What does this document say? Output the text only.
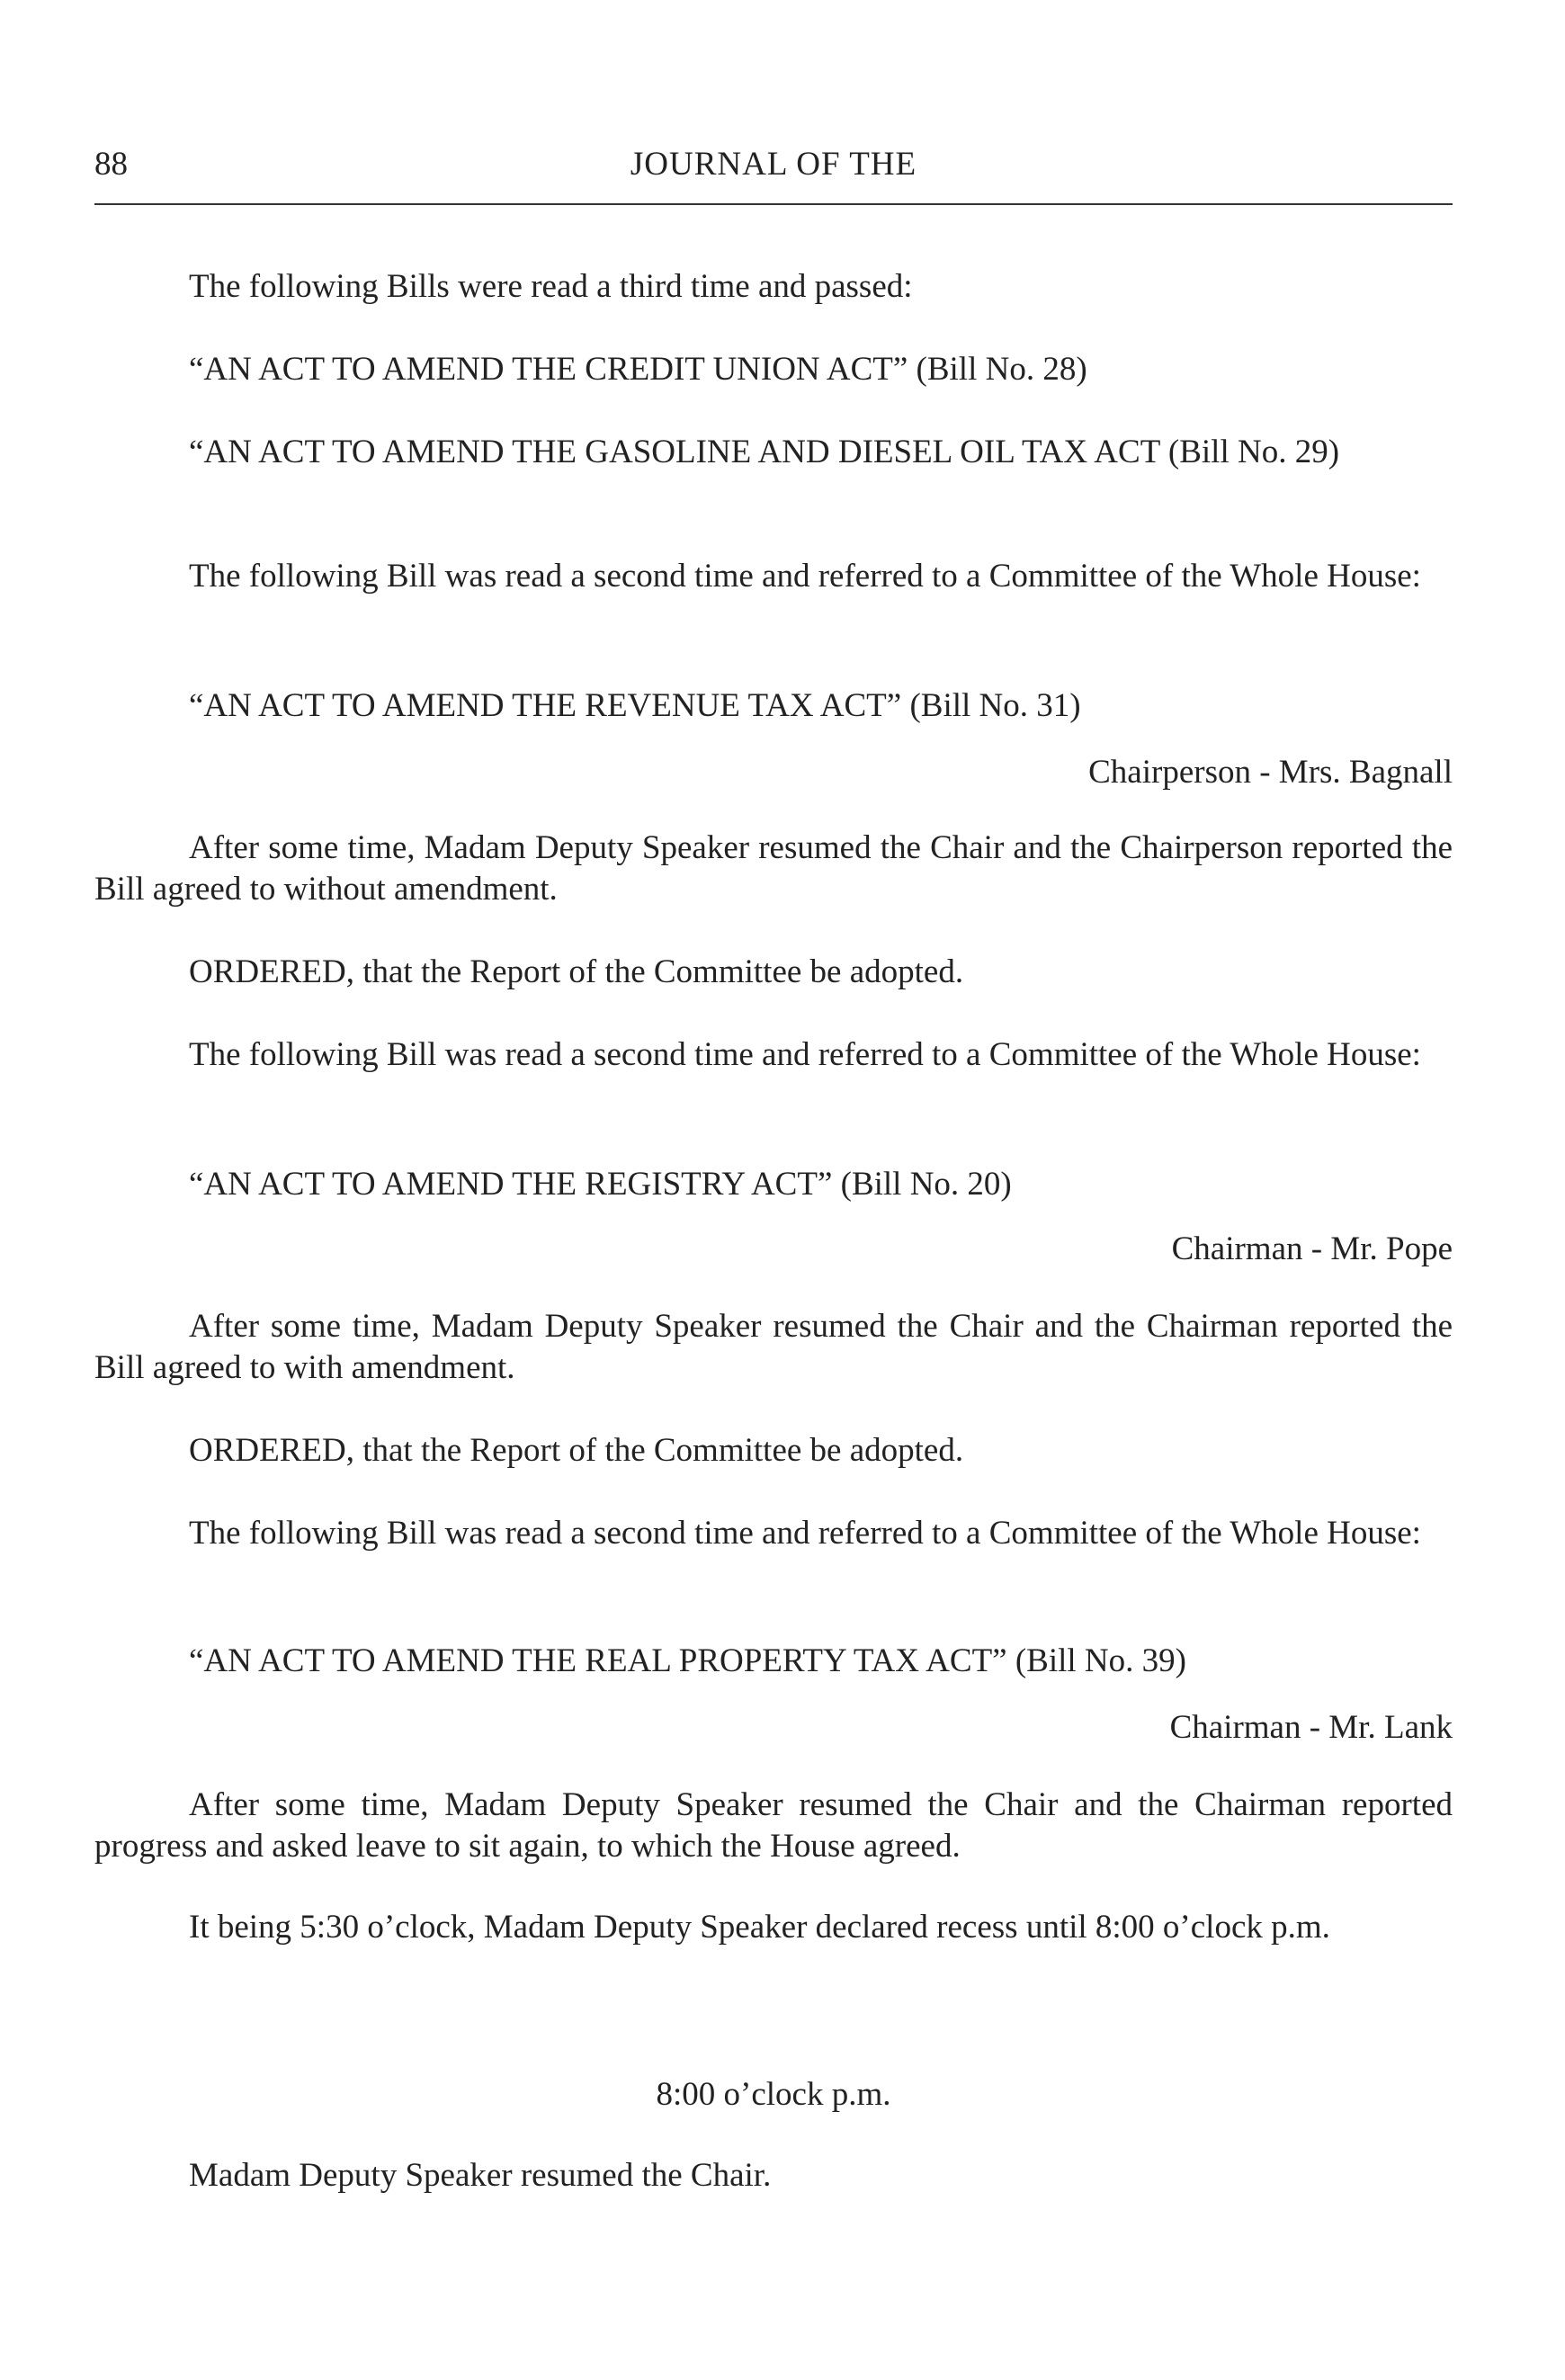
88	JOURNAL OF THE

The following Bills were read a third time and passed:

“AN ACT TO AMEND THE CREDIT UNION ACT” (Bill No. 28)

“AN ACT TO AMEND THE GASOLINE AND DIESEL OIL TAX ACT (Bill No. 29)

The following Bill was read a second time and referred to a Committee of the Whole House:

“AN ACT TO AMEND THE REVENUE TAX ACT” (Bill No. 31)

Chairperson - Mrs. Bagnall

After some time, Madam Deputy Speaker resumed the Chair and the Chairperson reported the Bill agreed to without amendment.

ORDERED, that the Report of the Committee be adopted.

The following Bill was read a second time and referred to a Committee of the Whole House:

“AN ACT TO AMEND THE REGISTRY ACT” (Bill No. 20)

Chairman - Mr. Pope

After some time, Madam Deputy Speaker resumed the Chair and the Chairman reported the Bill agreed to with amendment.

ORDERED, that the Report of the Committee be adopted.

The following Bill was read a second time and referred to a Committee of the Whole House:

“AN ACT TO AMEND THE REAL PROPERTY TAX ACT” (Bill No. 39)

Chairman - Mr. Lank

After some time, Madam Deputy Speaker resumed the Chair and the Chairman reported progress and asked leave to sit again, to which the House agreed.

It being 5:30 o’clock, Madam Deputy Speaker declared recess until 8:00 o’clock p.m.

8:00 o’clock p.m.

Madam Deputy Speaker resumed the Chair.
